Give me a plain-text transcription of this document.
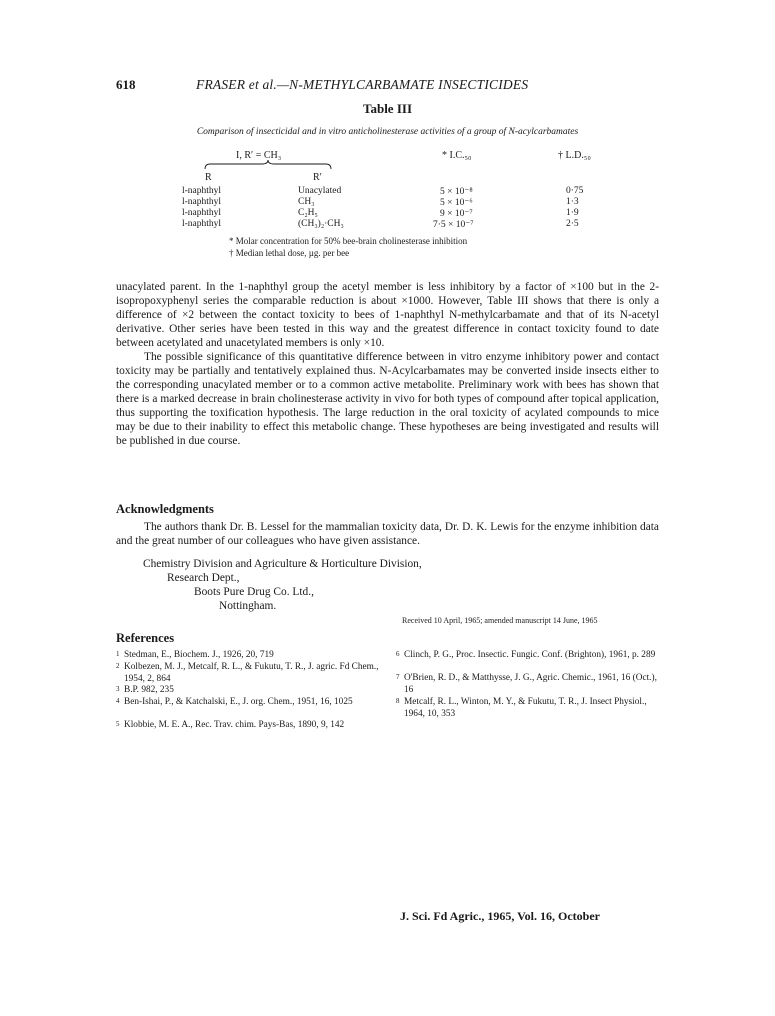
618	FRASER et al.—N-METHYLCARBAMATE INSECTICIDES
Table III
Comparison of insecticidal and in vitro anticholinesterase activities of a group of N-acylcarbamates
I, R′ = CH₃	* I.C.₅₀	† L.D.₅₀
R	R′
l-naphthyl	Unacylated	5 × 10⁻⁸	0·75
l-naphthyl	CH₃	5 × 10⁻⁶	1·3
l-naphthyl	C₂H₅	9 × 10⁻⁷	1·9
l-naphthyl	(CH₃)₂·CH₃	7·5 × 10⁻⁷	2·5
* Molar concentration for 50% bee-brain cholinesterase inhibition
† Median lethal dose, µg. per bee

unacylated parent. In the 1-naphthyl group the acetyl member is less inhibitory by a factor of ×100 but in the 2-isopropoxyphenyl series the comparable reduction is about ×1000. However, Table III shows that there is only a difference of ×2 between the contact toxicity to bees of 1-naphthyl N-methylcarbamate and that of its N-acetyl derivative. Other series have been tested in this way and the greatest difference in contact toxicity found to date between acetylated and unacetylated members is only ×10.

The possible significance of this quantitative difference between in vitro enzyme inhibitory power and contact toxicity may be partially and tentatively explained thus. N-Acylcarbamates may be converted inside insects either to the corresponding unacylated member or to a common active metabolite. Preliminary work with bees has shown that there is a marked decrease in brain cholinesterase activity in vivo for both types of compound after topical application, thus supporting the toxification hypothesis. The large reduction in the oral toxicity of acylated compounds to mice may be due to their inability to effect this metabolic change. These hypotheses are being investigated and results will be published in due course.

Acknowledgments

The authors thank Dr. B. Lessel for the mammalian toxicity data, Dr. D. K. Lewis for the enzyme inhibition data and the great number of our colleagues who have given assistance.

Chemistry Division and Agriculture & Horticulture Division,
Research Dept.,
Boots Pure Drug Co. Ltd.,
Nottingham.
Received 10 April, 1965; amended manuscript 14 June, 1965
References
1 Stedman, E., Biochem. J., 1926, 20, 719
2 Kolbezen, M. J., Metcalf, R. L., & Fukutu, T. R., J. agric. Fd Chem., 1954, 2, 864
3 B.P. 982, 235
4 Ben-Ishai, P., & Katchalski, E., J. org. Chem., 1951, 16, 1025
5 Klobbie, M. E. A., Rec. Trav. chim. Pays-Bas, 1890, 9, 142
6 Clinch, P. G., Proc. Insectic. Fungic. Conf. (Brighton), 1961, p. 289
7 O'Brien, R. D., & Matthysse, J. G., Agric. Chemic., 1961, 16 (Oct.), 16
8 Metcalf, R. L., Winton, M. Y., & Fukutu, T. R., J. Insect Physiol., 1964, 10, 353
J. Sci. Fd Agric., 1965, Vol. 16, October
